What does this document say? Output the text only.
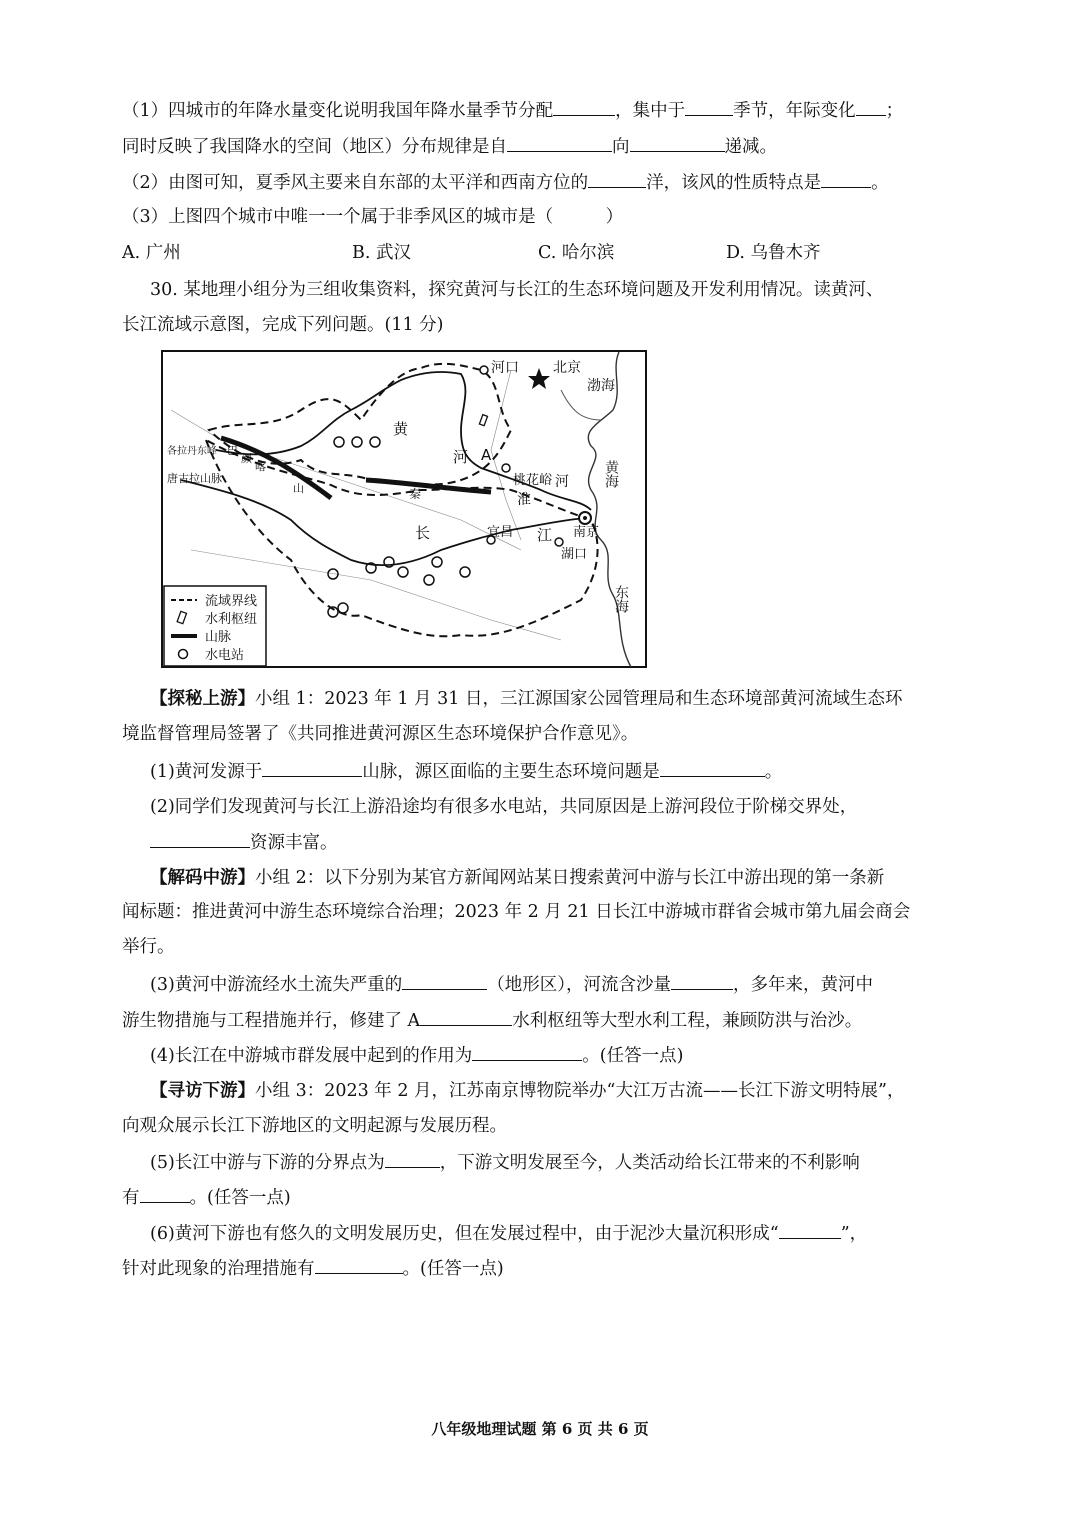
（1）四城市的年降水量变化说明我国年降水量季节分配	，集中于	季节，年际变化 ；
同时反映了我国降水的空间（地区）分布规律是自	向	递减。
（2）由图可知，夏季风主要来自东部的太平洋和西南方位的	洋，该风的性质特点是	。
（3）上图四个城市中唯一一个属于非季风区的城市是（　　　）
A. 广州	B. 武汉	C. 哈尔滨	D. 乌鲁木齐
30. 某地理小组分为三组收集资料，探究黄河与长江的生态环境问题及开发利用情况。读黄河、
长江流域示意图，完成下列问题。(11 分)
河口 北京
渤海
黄海
东海
黄
河 A
桃花峪
淮
河
长	江
宜昌
湖口
南京
各拉丹东峰 巴
颜
喀
山
唐古拉山脉
秦
流域界线
水利枢纽
山脉
水电站
【探秘上游】小组 1：2023 年 1 月 31 日，三江源国家公园管理局和生态环境部黄河流域生态环
境监督管理局签署了《共同推进黄河源区生态环境保护合作意见》。
(1)黄河发源于	山脉，源区面临的主要生态环境问题是	。
(2)同学们发现黄河与长江上游沿途均有很多水电站，共同原因是上游河段位于阶梯交界处，
资源丰富。
【解码中游】小组 2：以下分别为某官方新闻网站某日搜索黄河中游与长江中游出现的第一条新
闻标题：推进黄河中游生态环境综合治理；2023 年 2 月 21 日长江中游城市群省会城市第九届会商会
举行。
(3)黄河中游流经水土流失严重的	（地形区），河流含沙量	，多年来，黄河中
游生物措施与工程措施并行，修建了 A	水利枢纽等大型水利工程，兼顾防洪与治沙。
(4)长江在中游城市群发展中起到的作用为	。(任答一点)
【寻访下游】小组 3：2023 年 2 月，江苏南京博物院举办“大江万古流——长江下游文明特展”，
向观众展示长江下游地区的文明起源与发展历程。
(5)长江中游与下游的分界点为	，下游文明发展至今，人类活动给长江带来的不利影响
有	。(任答一点)
(6)黄河下游也有悠久的文明发展历史，但在发展过程中，由于泥沙大量沉积形成“	”，
针对此现象的治理措施有	。(任答一点)
八年级地理试题 第 6 页 共 6 页
